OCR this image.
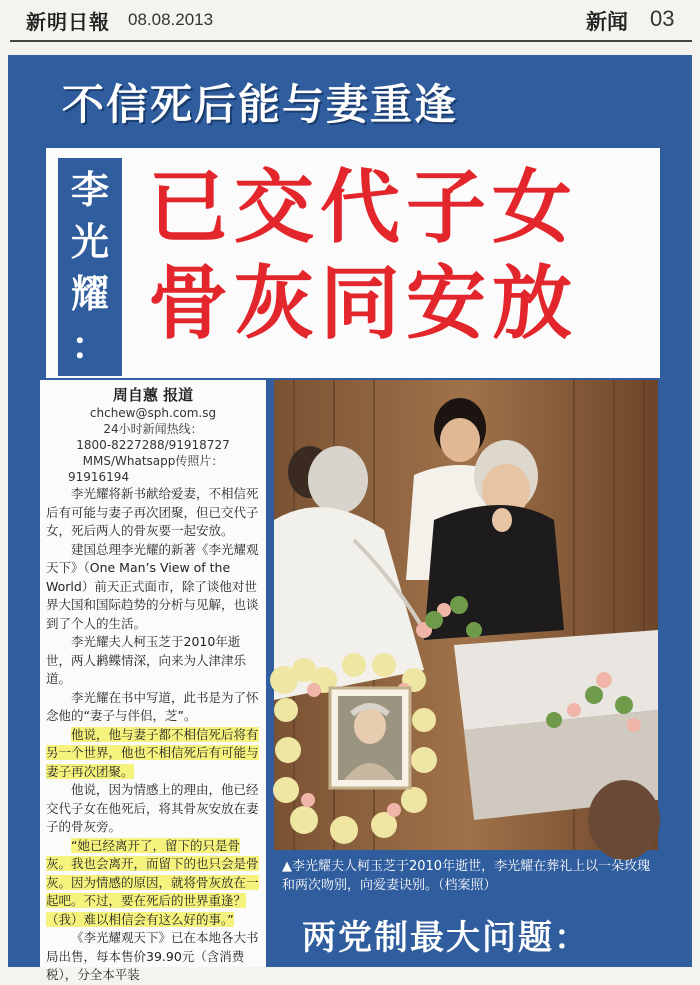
新明日報 08.08.2013	新闻 03
不信死后能与妻重逢
李
光
耀
：
已交代子女
骨灰同安放
周自蕙 报道
chchew@sph.com.sg
24小时新闻热线：
1800-8227288/91918727
MMS/Whatsapp传照片：
91916194

李光耀将新书献给爱妻，不相信死后有可能与妻子再次团聚，但已交代子女，死后两人的骨灰要一起安放。

建国总理李光耀的新著《李光耀观天下》（One Man’s View of the World）前天正式面市，除了谈他对世界大国和国际趋势的分析与见解，也谈到了个人的生活。

李光耀夫人柯玉芝于2010年逝世，两人鹣鲽情深，向来为人津津乐道。

李光耀在书中写道，此书是为了怀念他的“妻子与伴侣，芝”。

他说，他与妻子都不相信死后将有另一个世界，他也不相信死后有可能与妻子再次团聚。

他说，因为情感上的理由，他已经交代子女在他死后，将其骨灰安放在妻子的骨灰旁。

“她已经离开了，留下的只是骨灰。我也会离开，而留下的也只会是骨灰。因为情感的原因，就将骨灰放在一起吧。不过，要在死后的世界重逢？（我）难以相信会有这么好的事。”

《李光耀观天下》已在本地各大书局出售，每本售价39.90元（含消费税），分全本平装

▲李光耀夫人柯玉芝于2010年逝世，李光耀在葬礼上以一朵玫瑰和两次吻别，向爱妻诀别。（档案照）
两党制最大问题：
